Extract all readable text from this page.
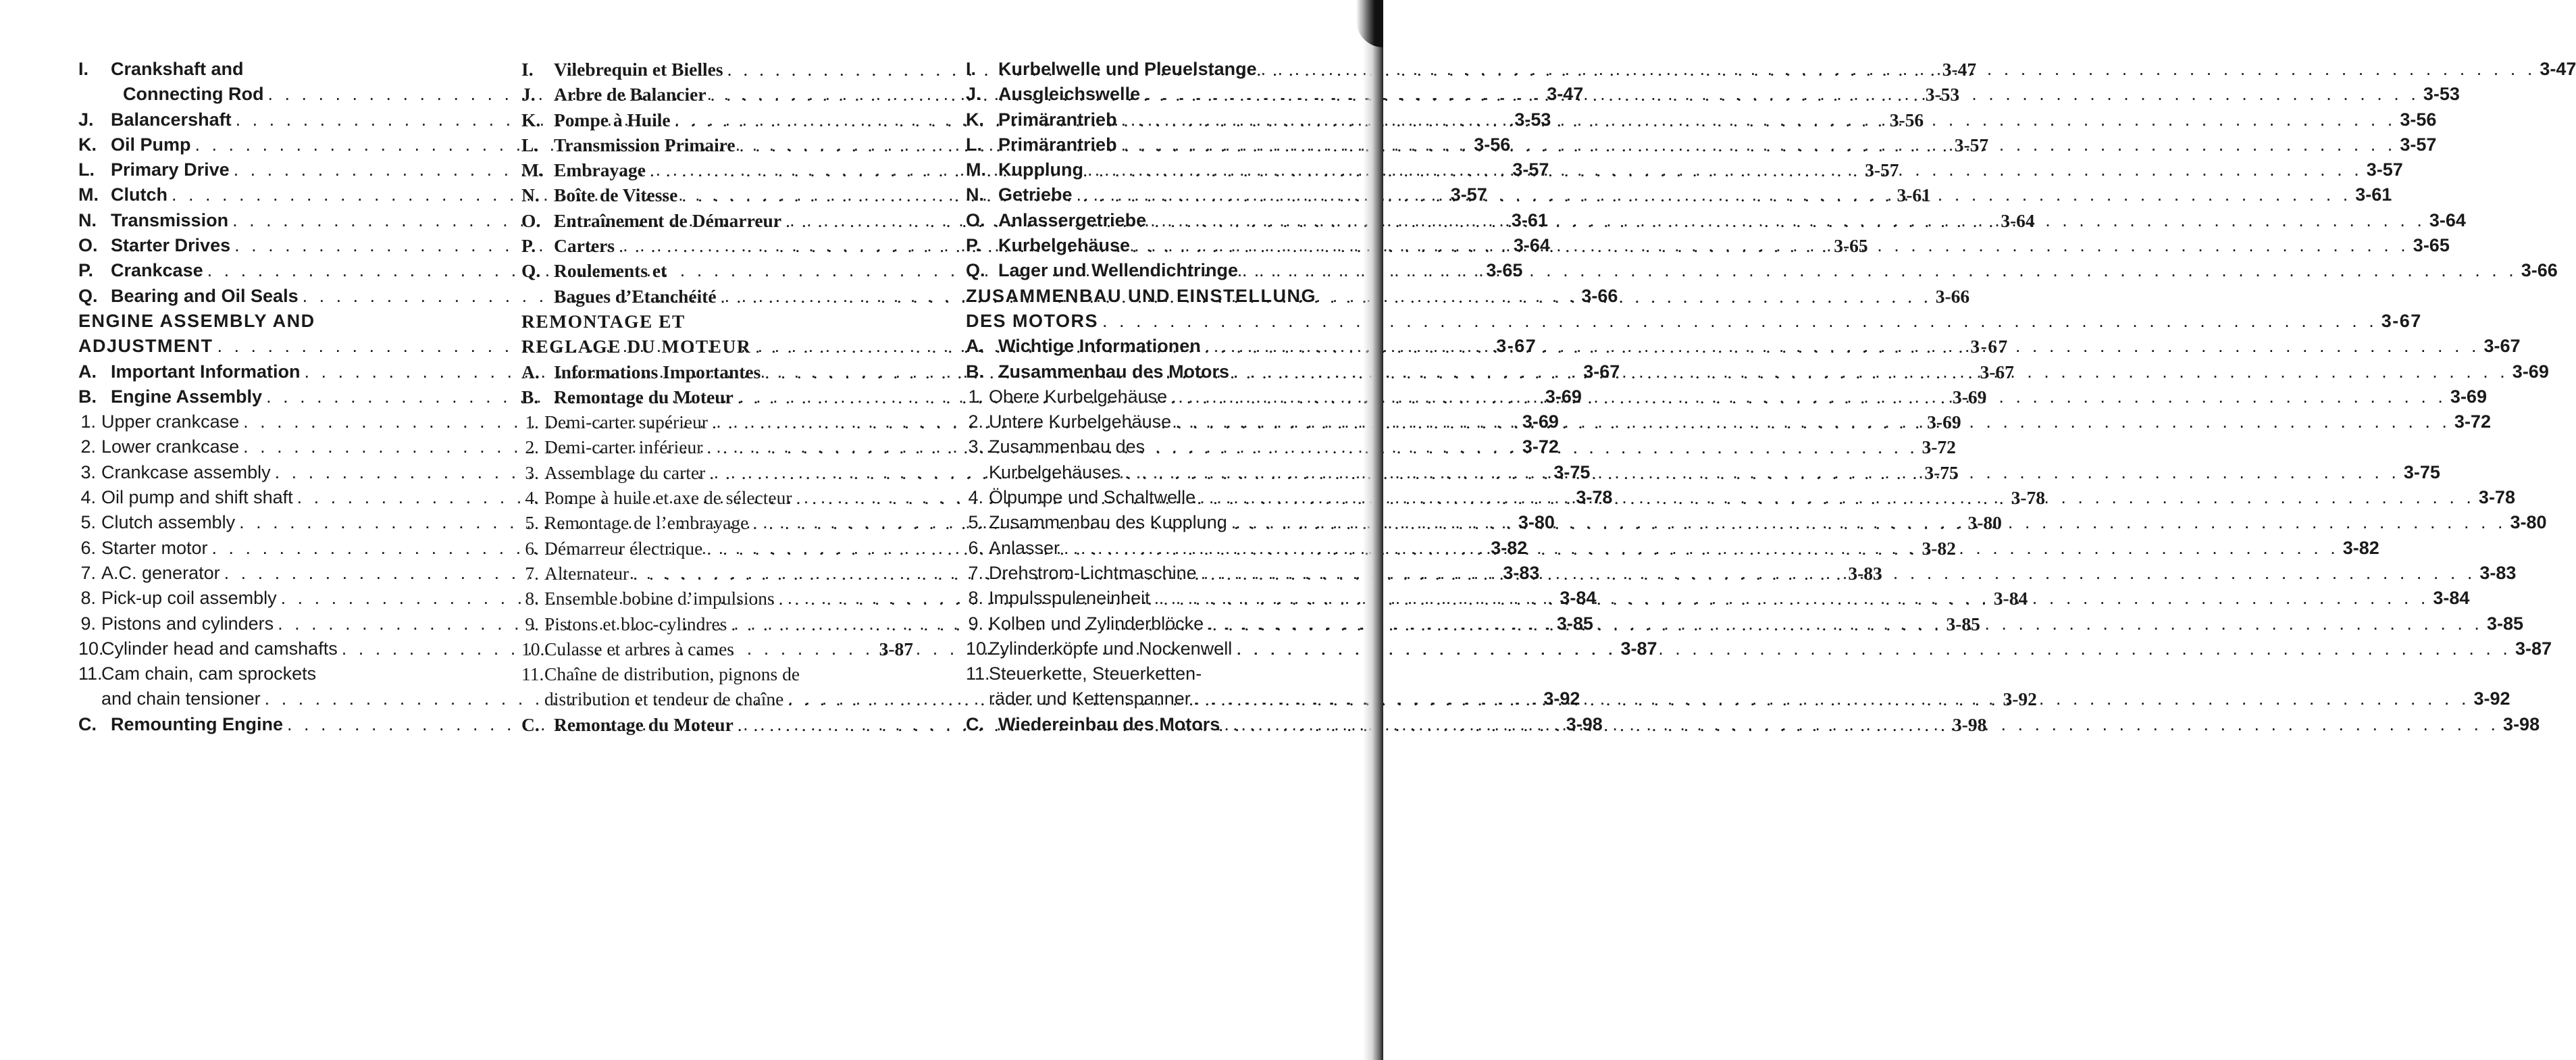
I.	Crankshaft and
Connecting Rod . . .	3-47
J. Balancershaft . . .	3-53
K. Oil Pump . . .	3-56
L. Primary Drive . . .	3-57
M. Clutch . . .	3-57
N. Transmission . . .	3-61
O. Starter Drives . . .	3-64
P. Crankcase . . .	3-65
Q. Bearing and Oil Seals . . .	3-66
ENGINE ASSEMBLY AND
ADJUSTMENT . . .	3-67
A. Important Information . . .	3-67
B. Engine Assembly . . .	3-69
1. Upper crankcase . . .	3-69
2. Lower crankcase . . .	3-72
3. Crankcase assembly . . .	3-75
4. Oil pump and shift shaft . . .	3-78
5. Clutch assembly . . .	3-80
6. Starter motor . . .	3-82
7. A.C. generator . . .	3-83
8. Pick-up coil assembly . . .	3-84
9. Pistons and cylinders . . .	3-85
10.
Cylinder head and camshafts . . .	3-87
11.
Cam chain, cam sprockets
and chain tensioner . . .	3-92
C. Remounting Engine . . .	3-98
I.	Vilebrequin et Bielles . . .	3-47
J. Arbre de Balancier . . .	3-53
K. Pompe à Huile . . .	3-56
L. Transmission Primaire . . .	3-57
M. Embrayage . . .	3-57
N. Boîte de Vitesse . . .	3-61
O. Entraînement de Démarreur . . .	3-64
P. Carters . . .	3-65
Q. Roulements et
Bagues d’Etanchéité . . .	3-66
REMONTAGE ET
REGLAGE DU MOTEUR . . .	3-67
A. Informations Importantes . . .	3-67
B. Remontage du Moteur . . .	3-69
1. Demi-carter supérieur . . .	3-69
2. Demi-carter inférieur . . .	3-72
3. Assemblage du carter . . .	3-75
4. Pompe à huile et axe de sélecteur . . .	3-78
5. Remontage de l’embrayage . . .	3-80
6. Démarreur électrique . . .	3-82
7. Alternateur . . .	3-83
8. Ensemble bobine d’impulsions . . .	3-84
9. Pistons et bloc-cylindres . . .	3-85
10. Culasse et arbres à cames	3-87
11. Chaîne de distribution, pignons de
distribution et tendeur de chaîne . . .	3-92
C. Remontage du Moteur . . .	3-98
I.	Kurbelwelle und Pleuelstange . . .	3-47
J. Ausgleichswelle . . .	3-53
K. Primärantrieb . . .	3-56
L. Primärantrieb . . .	3-57
M. Kupplung . . .	3-57
N. Getriebe . . .	3-61
O. Anlassergetriebe . . .	3-64
P. Kurbelgehäuse . . .	3-65
Q. Lager und Wellendichtringe . . .	3-66
ZUSAMMENBAU UND EINSTELLUNG
DES MOTORS . . .	3-67
A. Wichtige Informationen . . .	3-67
B. Zusammenbau des Motors . . .	3-69
1. Obere Kurbelgehäuse . . .	3-69
2. Untere Kurbelgehäuse . . .	3-72
3. Zusammenbau des
Kurbelgehäuses . . .	3-75
4. Ölpumpe und Schaltwelle . . .	3-78
5. Zusammenbau des Kupplung . . .	3-80
6. Anlasser . . .	3-82
7. Drehstrom-Lichtmaschine . . .	3-83
8. Impulsspuleneinheit . . .	3-84
9. Kolben und Zylinderblöcke . . .	3-85
10.
Zylinderköpfe und Nockenwell . . .	3-87
11.
Steuerkette, Steuerketten-
räder und Kettenspanner . . .	3-92
C. Wiedereinbau des Motors . . .	3-98
